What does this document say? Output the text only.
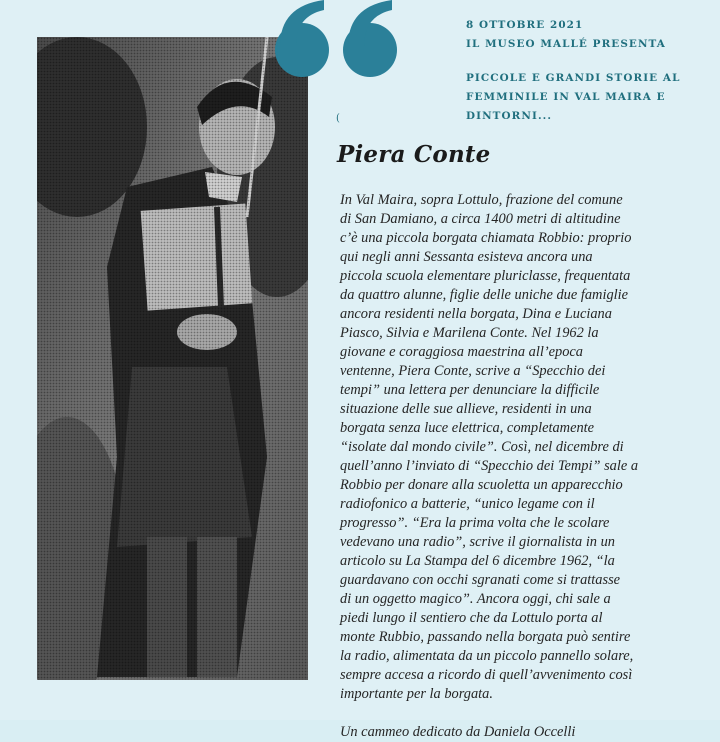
8 OTTOBRE 2021
IL MUSEO MALLÉ PRESENTA
PICCOLE E GRANDI STORIE AL
FEMMINILE IN VAL MAIRA E
DINTORNI...
(
Piera Conte
In Val Maira, sopra Lottulo, frazione del comune
di San Damiano, a circa 1400 metri di altitudine
c’è una piccola borgata chiamata Robbio: proprio
qui negli anni Sessanta esisteva ancora una
piccola scuola elementare pluriclasse, frequentata
da quattro alunne, figlie delle uniche due famiglie
ancora residenti nella borgata, Dina e Luciana
Piasco, Silvia e Marilena Conte. Nel 1962 la
giovane e coraggiosa maestrina all’epoca
ventenne, Piera Conte, scrive a “Specchio dei
tempi” una lettera per denunciare la difficile
situazione delle sue allieve, residenti in una
borgata senza luce elettrica, completamente
“isolate dal mondo civile”. Così, nel dicembre di
quell’anno l’inviato di “Specchio dei Tempi” sale a
Robbio per donare alla scuoletta un apparecchio
radiofonico a batterie, “unico legame con il
progresso”. “Era la prima volta che le scolare
vedevano una radio”, scrive il giornalista in un
articolo su La Stampa del 6 dicembre 1962, “la
guardavano con occhi sgranati come si trattasse
di un oggetto magico”. Ancora oggi, chi sale a
piedi lungo il sentiero che da Lottulo porta al
monte Rubbio, passando nella borgata può sentire
la radio, alimentata da un piccolo pannello solare,
sempre accesa a ricordo di quell’avvenimento così
importante per la borgata.
Un cammeo dedicato da Daniela Occelli
